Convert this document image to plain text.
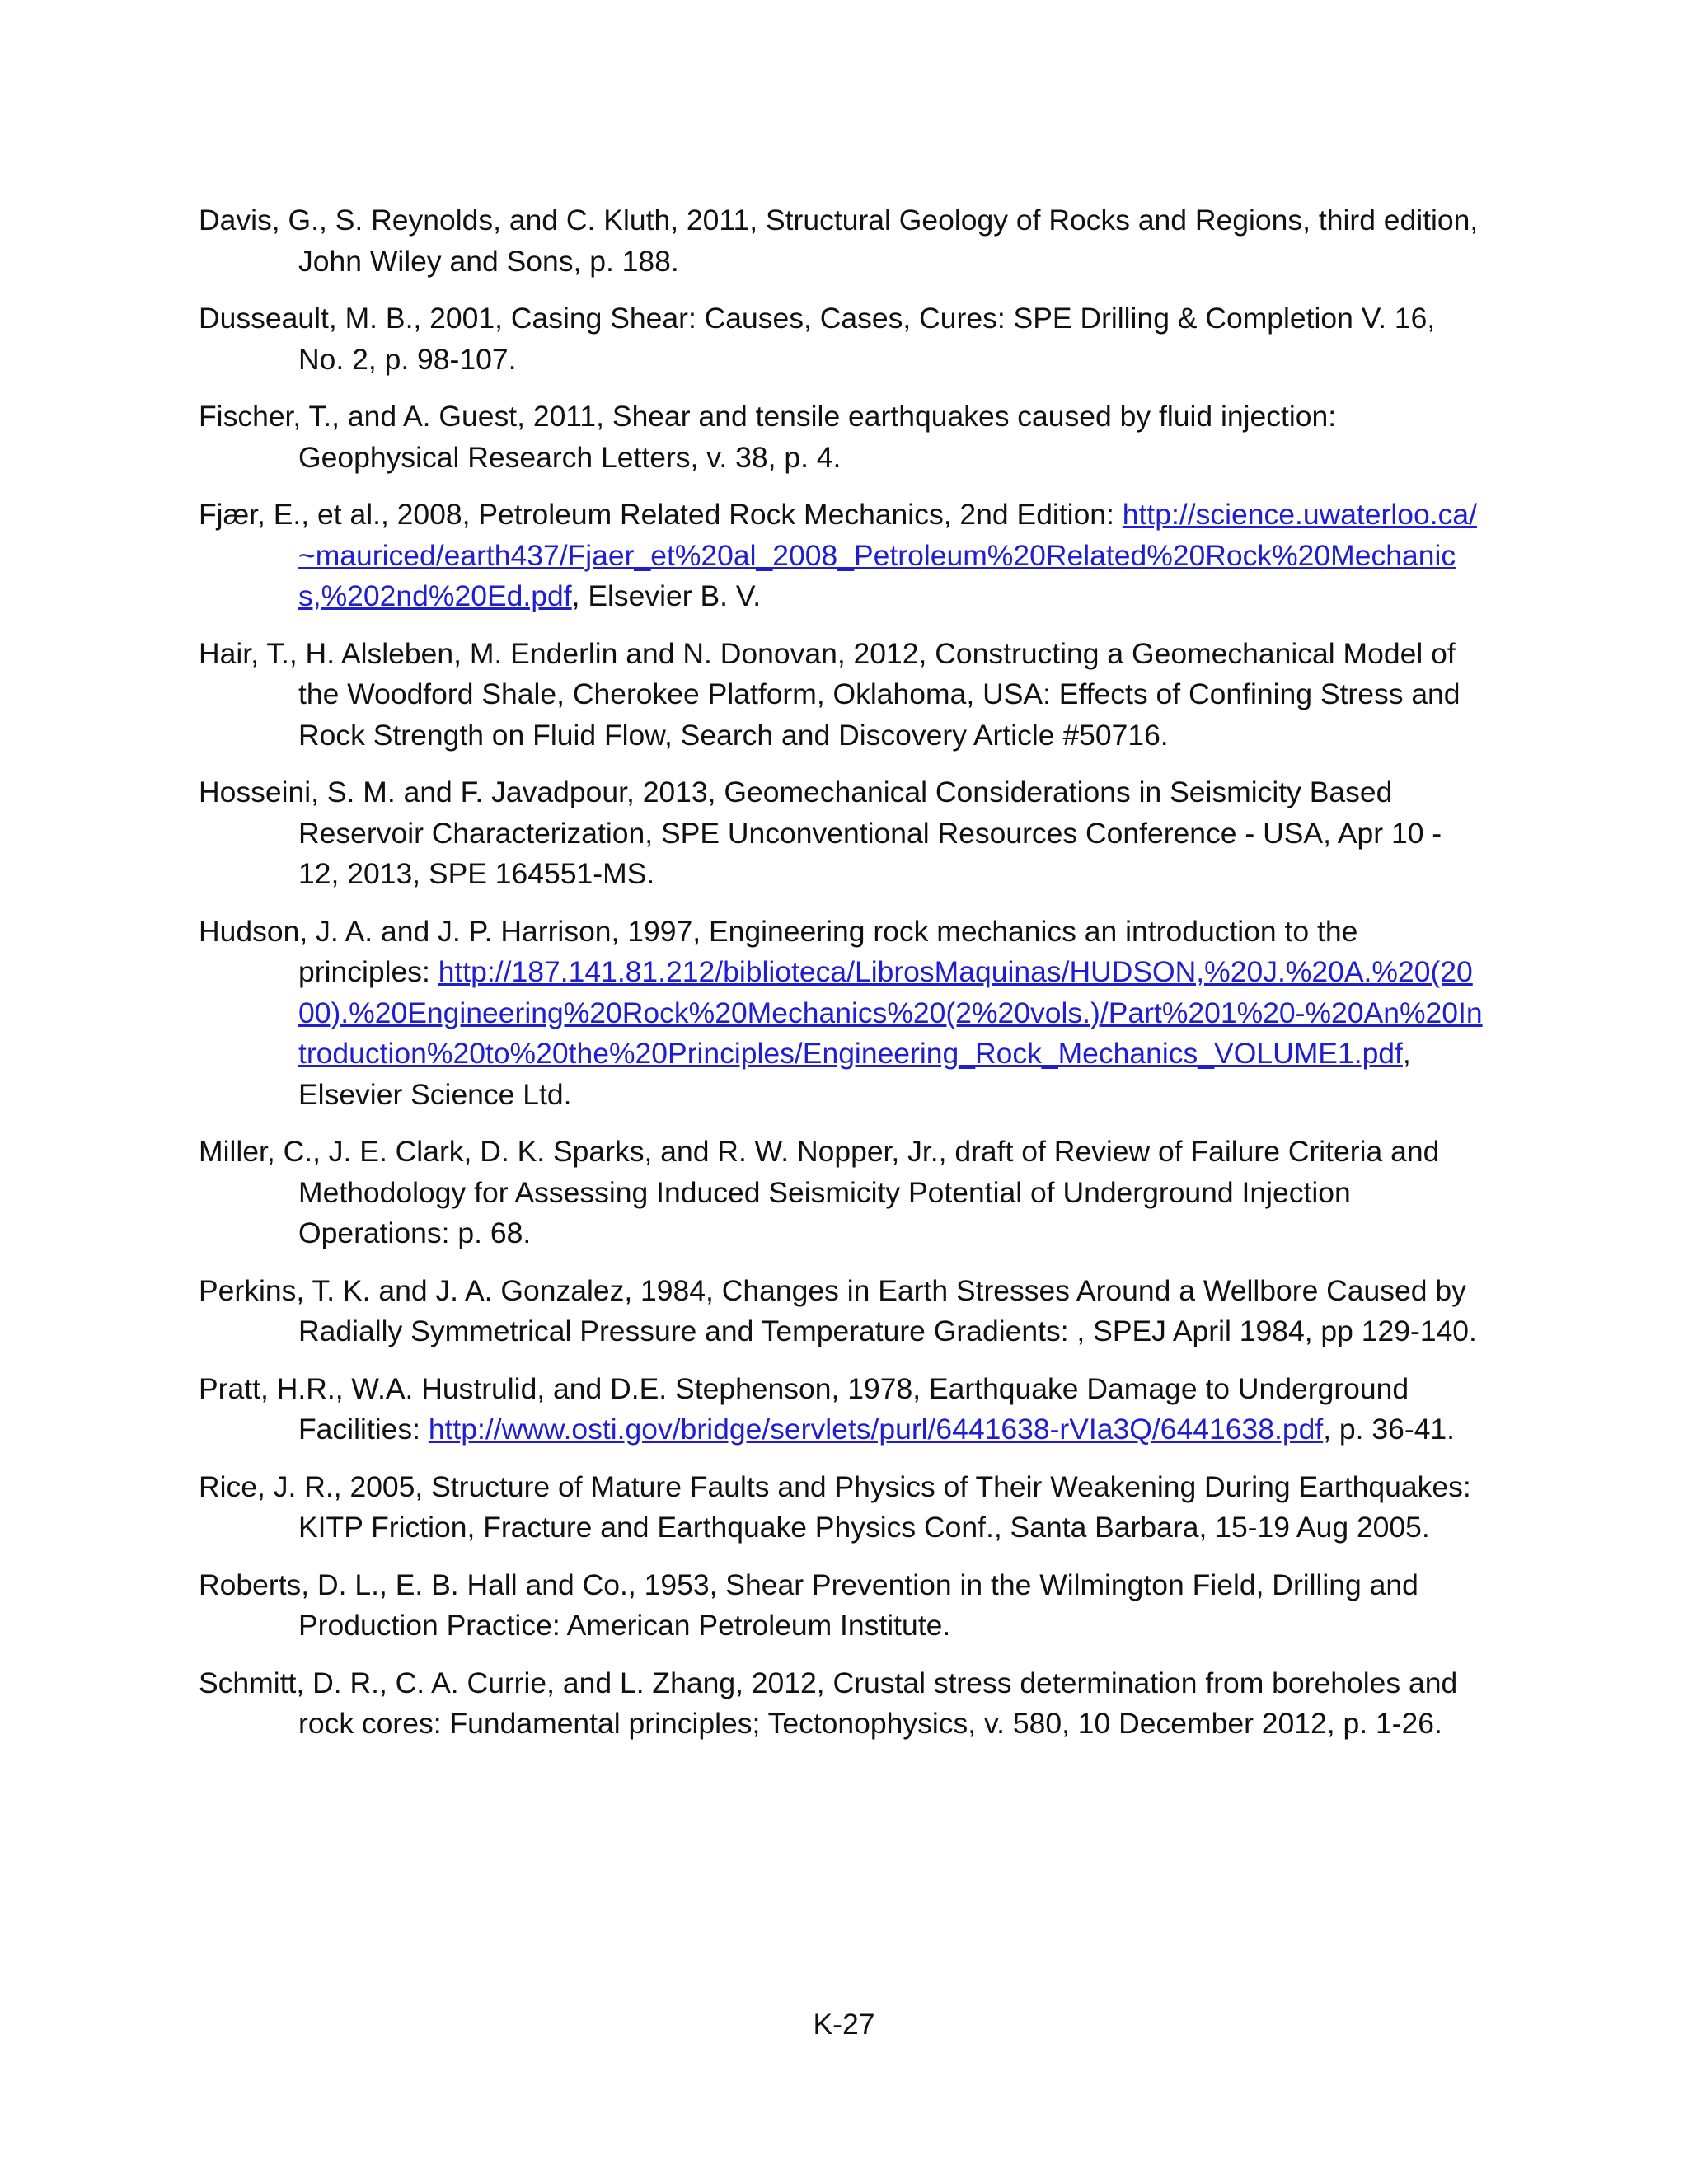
Davis, G., S. Reynolds, and C. Kluth, 2011, Structural Geology of Rocks and Regions, third edition, John Wiley and Sons, p. 188.

Dusseault, M. B., 2001, Casing Shear: Causes, Cases, Cures: SPE Drilling & Completion V. 16, No. 2, p. 98-107.

Fischer, T., and A. Guest, 2011, Shear and tensile earthquakes caused by fluid injection: Geophysical Research Letters, v. 38, p. 4.

Fjær, E., et al., 2008, Petroleum Related Rock Mechanics, 2nd Edition: http://science.uwaterloo.ca/~mauriced/earth437/Fjaer_et%20al_2008_Petroleum%20Related%20Rock%20Mechanics,%202nd%20Ed.pdf, Elsevier B. V.

Hair, T., H. Alsleben, M. Enderlin and N. Donovan, 2012, Constructing a Geomechanical Model of the Woodford Shale, Cherokee Platform, Oklahoma, USA: Effects of Confining Stress and Rock Strength on Fluid Flow, Search and Discovery Article #50716.

Hosseini, S. M. and F. Javadpour, 2013, Geomechanical Considerations in Seismicity Based Reservoir Characterization, SPE Unconventional Resources Conference - USA, Apr 10 - 12, 2013, SPE 164551-MS.

Hudson, J. A. and J. P. Harrison, 1997, Engineering rock mechanics an introduction to the principles: http://187.141.81.212/biblioteca/LibrosMaquinas/HUDSON,%20J.%20A.%20(2000).%20Engineering%20Rock%20Mechanics%20(2%20vols.)/Part%201%20-%20An%20Introduction%20to%20the%20Principles/Engineering_Rock_Mechanics_VOLUME1.pdf, Elsevier Science Ltd.

Miller, C., J. E. Clark, D. K. Sparks, and R. W. Nopper, Jr., draft of Review of Failure Criteria and Methodology for Assessing Induced Seismicity Potential of Underground Injection Operations: p. 68.

Perkins, T. K. and J. A. Gonzalez, 1984, Changes in Earth Stresses Around a Wellbore Caused by Radially Symmetrical Pressure and Temperature Gradients: , SPEJ April 1984, pp 129-140.

Pratt, H.R., W.A. Hustrulid, and D.E. Stephenson, 1978, Earthquake Damage to Underground Facilities: http://www.osti.gov/bridge/servlets/purl/6441638-rVIa3Q/6441638.pdf, p. 36-41.

Rice, J. R., 2005, Structure of Mature Faults and Physics of Their Weakening During Earthquakes: KITP Friction, Fracture and Earthquake Physics Conf., Santa Barbara, 15-19 Aug 2005.

Roberts, D. L., E. B. Hall and Co., 1953, Shear Prevention in the Wilmington Field, Drilling and Production Practice: American Petroleum Institute.

Schmitt, D. R., C. A. Currie, and L. Zhang, 2012, Crustal stress determination from boreholes and rock cores: Fundamental principles; Tectonophysics, v. 580, 10 December 2012, p. 1-26.

K-27
